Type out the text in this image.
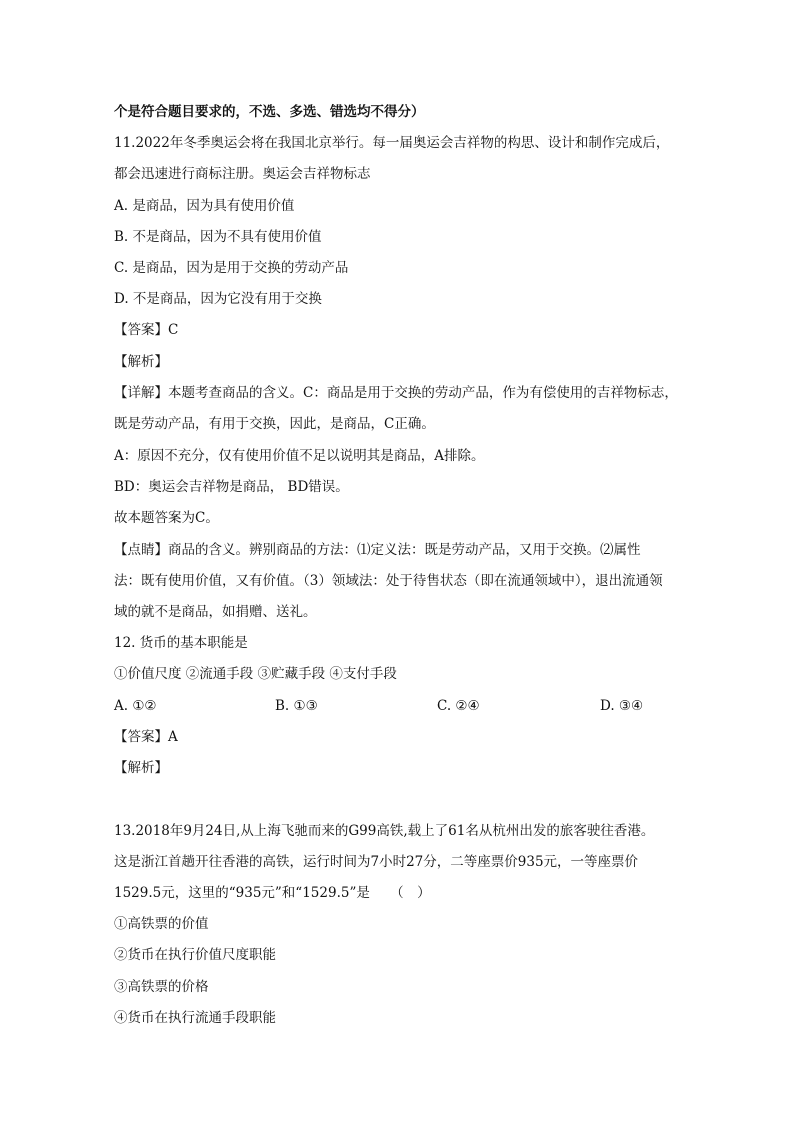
个是符合题目要求的，不选、多选、错选均不得分）
11.2022年冬季奥运会将在我国北京举行。每一届奥运会吉祥物的构思、设计和制作完成后，
都会迅速进行商标注册。奥运会吉祥物标志
A. 是商品，因为具有使用价值
B. 不是商品，因为不具有使用价值
C. 是商品，因为是用于交换的劳动产品
D. 不是商品，因为它没有用于交换
【答案】C
【解析】
【详解】本题考查商品的含义。C：商品是用于交换的劳动产品，作为有偿使用的吉祥物标志，
既是劳动产品，有用于交换，因此，是商品，C正确。
A：原因不充分，仅有使用价值不足以说明其是商品，A排除。
BD：奥运会吉祥物是商品， BD错误。
故本题答案为C。
【点睛】商品的含义。辨别商品的方法：⑴定义法：既是劳动产品，又用于交换。⑵属性
法：既有使用价值，又有价值。（3）领域法：处于待售状态（即在流通领域中），退出流通领
域的就不是商品，如捐赠、送礼。
12. 货币的基本职能是
①价值尺度 ②流通手段 ③贮藏手段 ④支付手段
A. ①②	B. ①③	C. ②④	D. ③④
【答案】A
【解析】
13.2018年9月24日,从上海飞驰而来的G99高铁,载上了61名从杭州出发的旅客驶往香港。
这是浙江首趟开往香港的高铁，运行时间为7小时27分，二等座票价935元，一等座票价
1529.5元，这里的“935元”和“1529.5”是　　（　）
①高铁票的价值
②货币在执行价值尺度职能
③高铁票的价格
④货币在执行流通手段职能
